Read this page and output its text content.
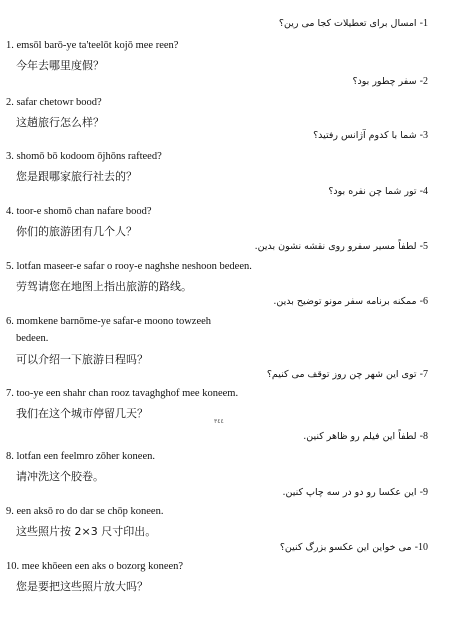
1- امسال برای تعطیلات کجا می رین؟
1. emsōl barō-ye ta'teelōt kojō mee reen?
今年去哪里度假？
2- سفر چطور بود؟
2. safar chetowr bood?
这趟旅行怎么样？
3- شما با کدوم آژانس رفتید؟
3. shomō bō kodoom ōjhōns rafteed?
您是跟哪家旅行社去的？
4- تور شما چن نفره بود؟
4. toor-e shomō chan nafare bood?
你们的旅游团有几个人？
5- لطفاً مسیر سفرو روی نقشه نشون بدین.
5. lotfan maseer-e safar o rooy-e naghshe neshoon bedeen.
劳驾请您在地图上指出旅游的路线。
6- ممکنه برنامه سفر مونو توضیح بدین.
6. momkene barnōme-ye safar-e moono towzeeh
bedeen.
可以介绍一下旅游日程吗？
7- توی این شهر چن روز توقف می کنیم؟
7. too-ye een shahr chan rooz tavaghghof mee koneem.
我们在这个城市停留几天？
٣٤٤
8- لطفاً این فیلم رو ظاهر کنین.
8. lotfan een feelmro zōher koneen.
请冲洗这个胶卷。
9- این عکسا رو دو در سه چاپ کنین.
9. een aksō ro do dar se chōp koneen.
这些照片按 2×3 尺寸印出。
10- می خواین این عکسو بزرگ کنین؟
10. mee khōeen een aks o bozorg koneen?
您是要把这些照片放大吗？
